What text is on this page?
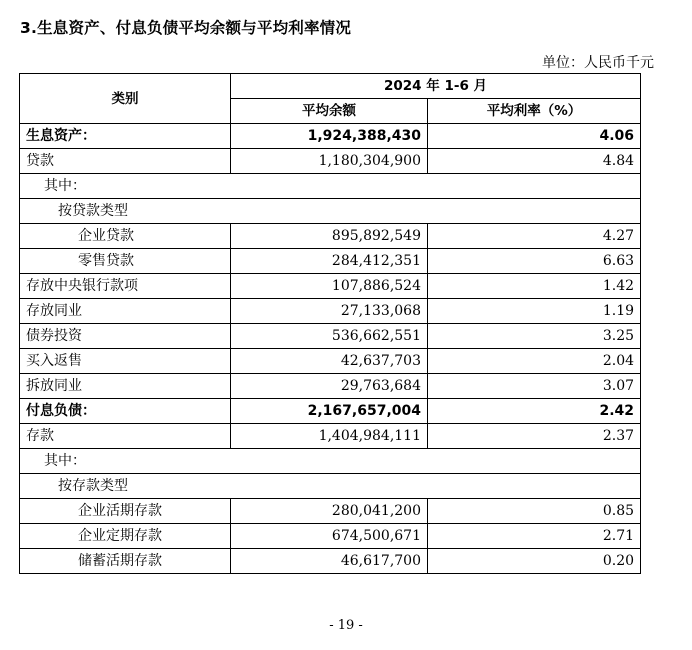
3.生息资产、付息负债平均余额与平均利率情况
单位：人民币千元
类别	2024 年 1-6 月	
	平均余额	平均利率（%）
生息资产：	1,924,388,430	4.06
贷款	1,180,304,900	4.84
其中：		
按贷款类型		
企业贷款	895,892,549	4.27
零售贷款	284,412,351	6.63
存放中央银行款项	107,886,524	1.42
存放同业	27,133,068	1.19
债券投资	536,662,551	3.25
买入返售	42,637,703	2.04
拆放同业	29,763,684	3.07
付息负债：	2,167,657,004	2.42
存款	1,404,984,111	2.37
其中：		
按存款类型		
企业活期存款	280,041,200	0.85
企业定期存款	674,500,671	2.71
储蓄活期存款	46,617,700	0.20
- 19 -
